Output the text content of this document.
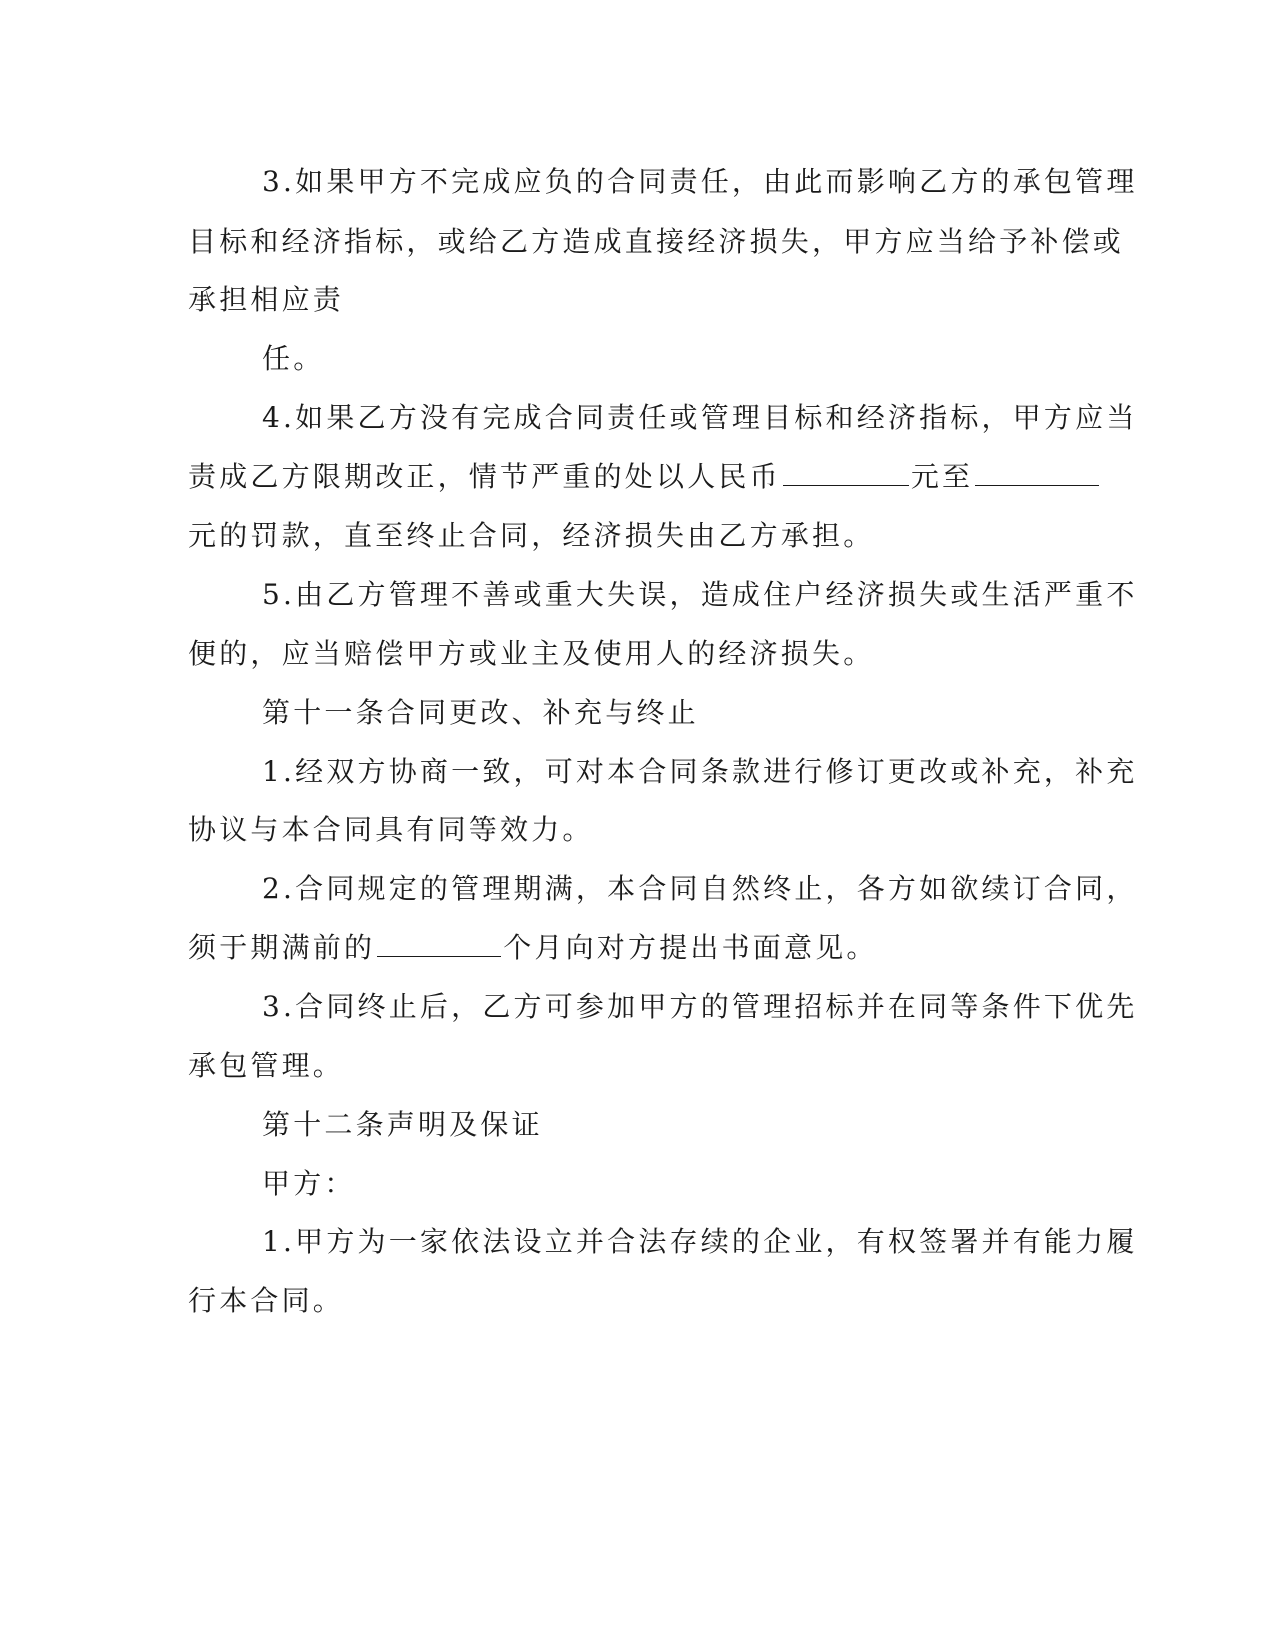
3.如果甲方不完成应负的合同责任，由此而影响乙方的承包管理
目标和经济指标，或给乙方造成直接经济损失，甲方应当给予补偿或
承担相应责
任。
4.如果乙方没有完成合同责任或管理目标和经济指标，甲方应当
责成乙方限期改正，情节严重的处以人民币	元至
元的罚款，直至终止合同，经济损失由乙方承担。
5.由乙方管理不善或重大失误，造成住户经济损失或生活严重不
便的，应当赔偿甲方或业主及使用人的经济损失。
第十一条合同更改、补充与终止
1.经双方协商一致，可对本合同条款进行修订更改或补充，补充
协议与本合同具有同等效力。
2.合同规定的管理期满，本合同自然终止，各方如欲续订合同，
须于期满前的	个月向对方提出书面意见。
3.合同终止后，乙方可参加甲方的管理招标并在同等条件下优先
承包管理。
第十二条声明及保证
甲方：
1.甲方为一家依法设立并合法存续的企业，有权签署并有能力履
行本合同。
